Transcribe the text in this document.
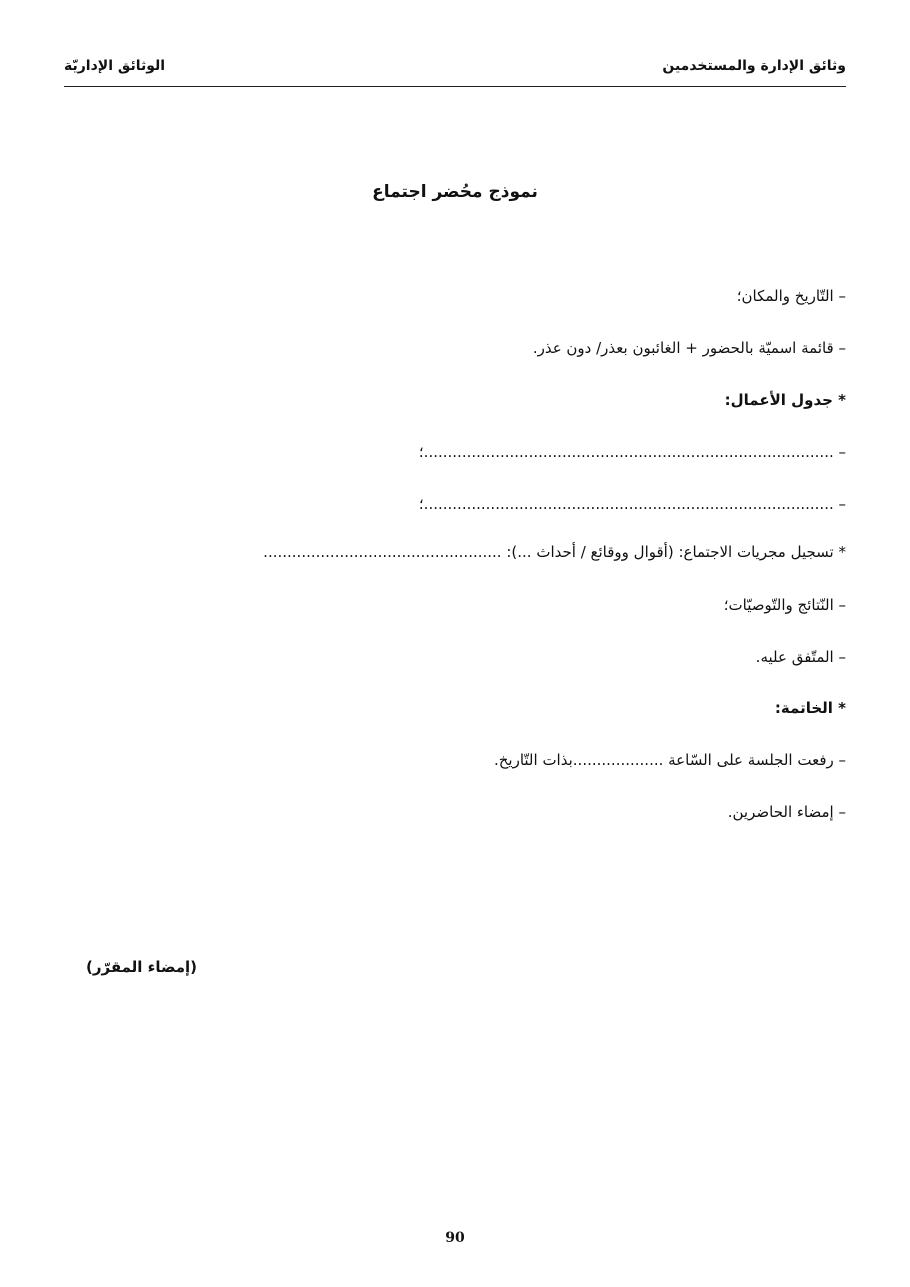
وثائق الإدارة والمستخدمين
الوثائق الإداريّة
نموذج محُضر اجتماع
– التّاريخ والمكان؛
– قائمة اسميّة بالحضور + الغائبون بعذر/ دون عذر.
* جدول الأعمال:
– ......................................................................................؛
– ......................................................................................؛
* تسجيل مجريات الاجتماع: (أقوال ووقائع / أحداث ...): ..................................................
– النّتائج والتّوصيّات؛
– المتّفق عليه.
* الخاتمة:
– رفعت الجلسة على السّاعة ...................بذات التّاريخ.
– إمضاء الحاضرين.
(إمضاء المقرّر)
90
